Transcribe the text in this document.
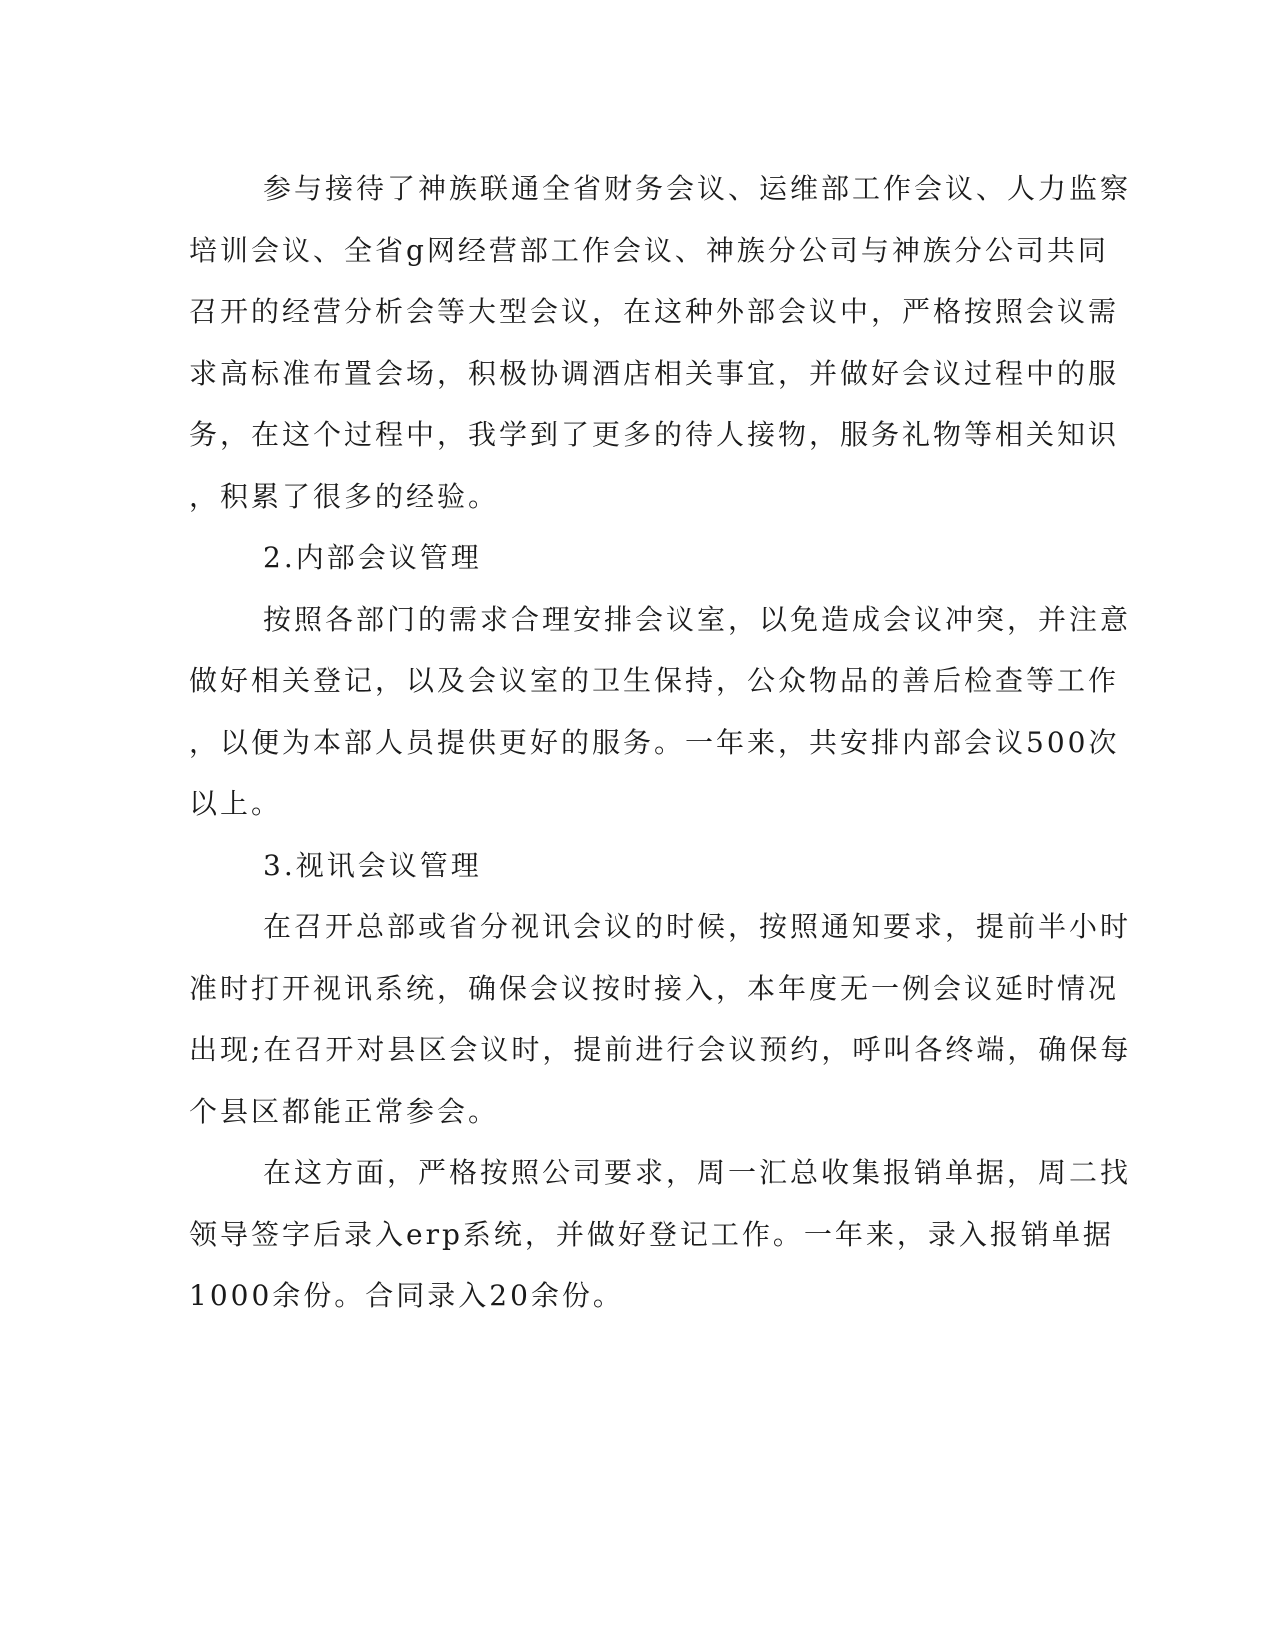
参与接待了神族联通全省财务会议、运维部工作会议、人力监察
培训会议、全省g网经营部工作会议、神族分公司与神族分公司共同
召开的经营分析会等大型会议，在这种外部会议中，严格按照会议需
求高标准布置会场，积极协调酒店相关事宜，并做好会议过程中的服
务，在这个过程中，我学到了更多的待人接物，服务礼物等相关知识
，积累了很多的经验。
2.内部会议管理
按照各部门的需求合理安排会议室，以免造成会议冲突，并注意
做好相关登记，以及会议室的卫生保持，公众物品的善后检查等工作
，以便为本部人员提供更好的服务。一年来，共安排内部会议500次
以上。
3.视讯会议管理
在召开总部或省分视讯会议的时候，按照通知要求，提前半小时
准时打开视讯系统，确保会议按时接入，本年度无一例会议延时情况
出现;在召开对县区会议时，提前进行会议预约，呼叫各终端，确保每
个县区都能正常参会。
在这方面，严格按照公司要求，周一汇总收集报销单据，周二找
领导签字后录入erp系统，并做好登记工作。一年来，录入报销单据
1000余份。合同录入20余份。
